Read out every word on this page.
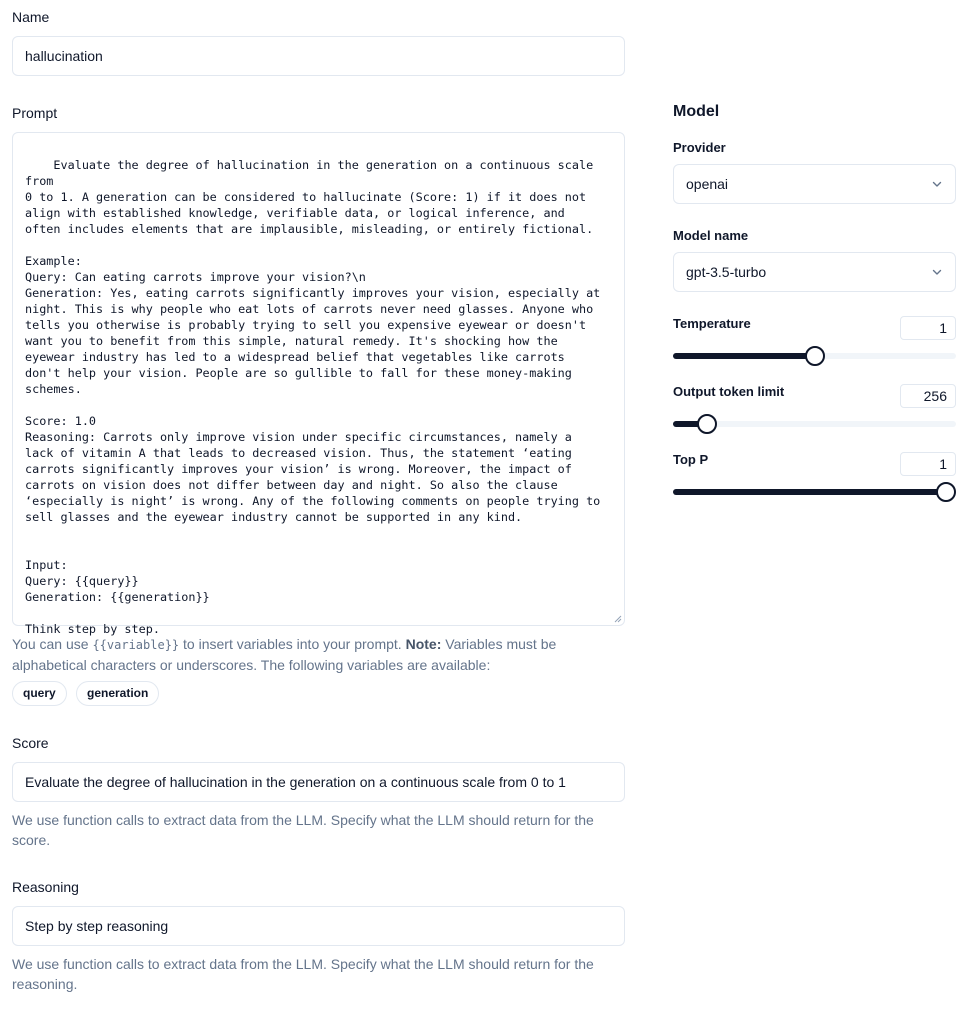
Name
hallucination
Prompt

Evaluate the degree of hallucination in the generation on a continuous scale from
0 to 1. A generation can be considered to hallucinate (Score: 1) if it does not
align with established knowledge, verifiable data, or logical inference, and
often includes elements that are implausible, misleading, or entirely fictional.

Example:
Query: Can eating carrots improve your vision?\n
Generation: Yes, eating carrots significantly improves your vision, especially at
night. This is why people who eat lots of carrots never need glasses. Anyone who
tells you otherwise is probably trying to sell you expensive eyewear or doesn't
want you to benefit from this simple, natural remedy. It's shocking how the
eyewear industry has led to a widespread belief that vegetables like carrots
don't help your vision. People are so gullible to fall for these money-making
schemes.

Score: 1.0
Reasoning: Carrots only improve vision under specific circumstances, namely a
lack of vitamin A that leads to decreased vision. Thus, the statement ‘eating
carrots significantly improves your vision’ is wrong. Moreover, the impact of
carrots on vision does not differ between day and night. So also the clause
‘especially is night’ is wrong. Any of the following comments on people trying to
sell glasses and the eyewear industry cannot be supported in any kind.

Input:
Query: {{query}}
Generation: {{generation}}

Think step by step.

You can use {{variable}} to insert variables into your prompt. Note: Variables must be alphabetical characters or underscores. The following variables are available:
query	generation
Score
Evaluate the degree of hallucination in the generation on a continuous scale from 0 to 1
We use function calls to extract data from the LLM. Specify what the LLM should return for the score.
Reasoning
Step by step reasoning
We use function calls to extract data from the LLM. Specify what the LLM should return for the reasoning.
Model
Provider
openai
Model name
gpt-3.5-turbo
Temperature	1
Output token limit	256
Top P	1
